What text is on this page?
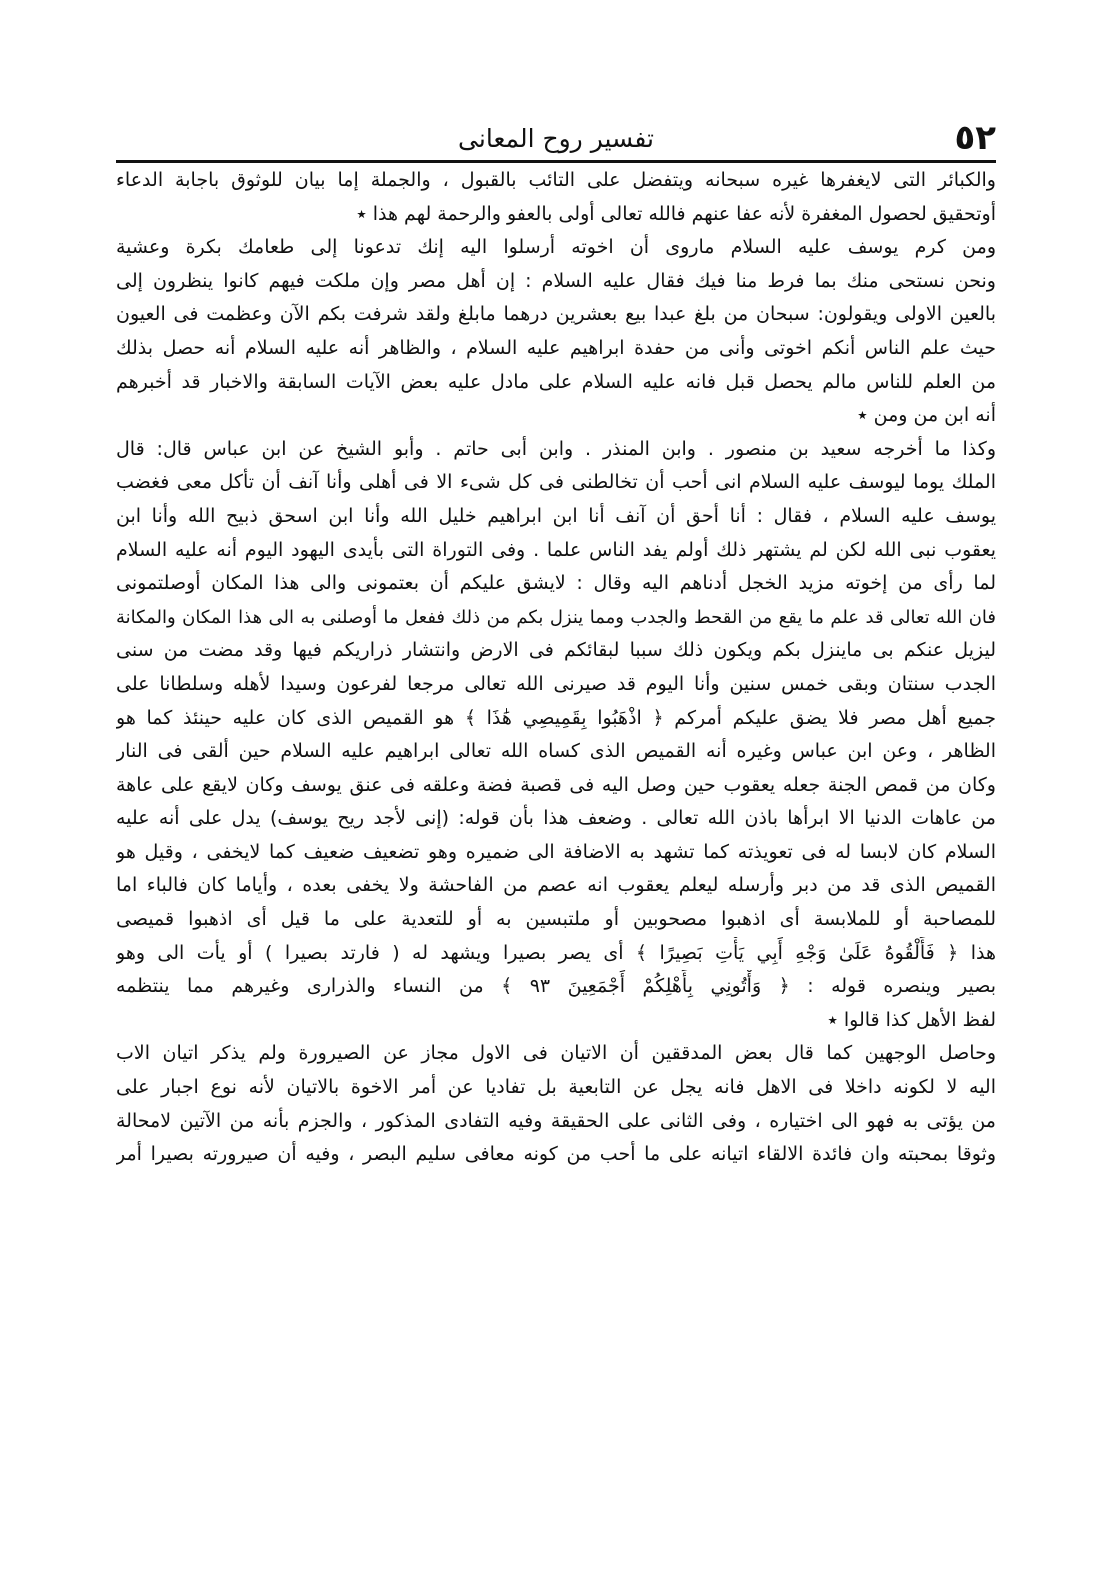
٥٢
تفسير روح المعانى
والكبائر التى لايغفرها غيره سبحانه ويتفضل على التائب بالقبول ، والجملة إما بيان للوثوق باجابة الدعاء
أوتحقيق لحصول المغفرة لأنه عفا عنهم فالله تعالى أولى بالعفو والرحمة لهم هذا ٭
ومن كرم يوسف عليه السلام ماروى أن اخوته أرسلوا اليه إنك تدعونا إلى طعامك بكرة وعشية
ونحن نستحى منك بما فرط منا فيك فقال عليه السلام : إن أهل مصر وإن ملكت فيهم كانوا ينظرون إلى
بالعين الاولى ويقولون: سبحان من بلغ عبدا بيع بعشرين درهما مابلغ ولقد شرفت بكم الآن وعظمت فى العيون
حيث علم الناس أنكم اخوتى وأنى من حفدة ابراهيم عليه السلام ، والظاهر أنه عليه السلام أنه حصل بذلك
من العلم للناس مالم يحصل قبل فانه عليه السلام على مادل عليه بعض الآيات السابقة والاخبار قد أخبرهم
أنه ابن من ومن ٭
وكذا ما أخرجه سعيد بن منصور . وابن المنذر . وابن أبى حاتم . وأبو الشيخ عن ابن عباس قال: قال
الملك يوما ليوسف عليه السلام انى أحب أن تخالطنى فى كل شىء الا فى أهلى وأنا آنف أن تأكل معى فغضب
يوسف عليه السلام ، فقال : أنا أحق أن آنف أنا ابن ابراهيم خليل الله وأنا ابن اسحق ذبيح الله وأنا ابن
يعقوب نبى الله لكن لم يشتهر ذلك أولم يفد الناس علما . وفى التوراة التى بأيدى اليهود اليوم أنه عليه السلام
لما رأى من إخوته مزيد الخجل أدناهم اليه وقال : لايشق عليكم أن بعتمونى والى هذا المكان أوصلتمونى
فان الله تعالى قد علم ما يقع من القحط والجدب ومما ينزل بكم من ذلك ففعل ما أوصلنى به الى هذا المكان والمكانة
ليزيل عنكم بى ماينزل بكم ويكون ذلك سببا لبقائكم فى الارض وانتشار ذراريكم فيها وقد مضت من سنى
الجدب سنتان وبقى خمس سنين وأنا اليوم قد صيرنى الله تعالى مرجعا لفرعون وسيدا لأهله وسلطانا على
جميع أهل مصر فلا يضق عليكم أمركم ﴿ اذْهَبُوا بِقَمِيصِي هَٰذَا ﴾ هو القميص الذى كان عليه حينئذ كما هو
الظاهر ، وعن ابن عباس وغيره أنه القميص الذى كساه الله تعالى ابراهيم عليه السلام حين ألقى فى النار
وكان من قمص الجنة جعله يعقوب حين وصل اليه فى قصبة فضة وعلقه فى عنق يوسف وكان لايقع على عاهة
من عاهات الدنيا الا ابرأها باذن الله تعالى . وضعف هذا بأن قوله: (إنى لأجد ريح يوسف) يدل على أنه عليه
السلام كان لابسا له فى تعويذته كما تشهد به الاضافة الى ضميره وهو تضعيف ضعيف كما لايخفى ، وقيل هو
القميص الذى قد من دبر وأرسله ليعلم يعقوب انه عصم من الفاحشة ولا يخفى بعده ، وأياما كان فالباء اما
للمصاحبة أو للملابسة أى اذهبوا مصحوبين أو ملتبسين به أو للتعدية على ما قيل أى اذهبوا قميصى
هذا ﴿ فَأَلْقُوهُ عَلَىٰ وَجْهِ أَبِي يَأْتِ بَصِيرًا ﴾ أى يصر بصيرا ويشهد له ( فارتد بصيرا ) أو يأت الى وهو
بصير وينصره قوله : ﴿ وَأْتُونِي بِأَهْلِكُمْ أَجْمَعِينَ ٩٣ ﴾ من النساء والذرارى وغيرهم مما ينتظمه
لفظ الأهل كذا قالوا ٭
وحاصل الوجهين كما قال بعض المدققين أن الاتيان فى الاول مجاز عن الصيرورة ولم يذكر اتيان الاب
اليه لا لكونه داخلا فى الاهل فانه يجل عن التابعية بل تفاديا عن أمر الاخوة بالاتيان لأنه نوع اجبار على
من يؤتى به فهو الى اختياره ، وفى الثانى على الحقيقة وفيه التفادى المذكور ، والجزم بأنه من الآتين لامحالة
وثوقا بمحبته وان فائدة الالقاء اتيانه على ما أحب من كونه معافى سليم البصر ، وفيه أن صيرورته بصيرا أمر
